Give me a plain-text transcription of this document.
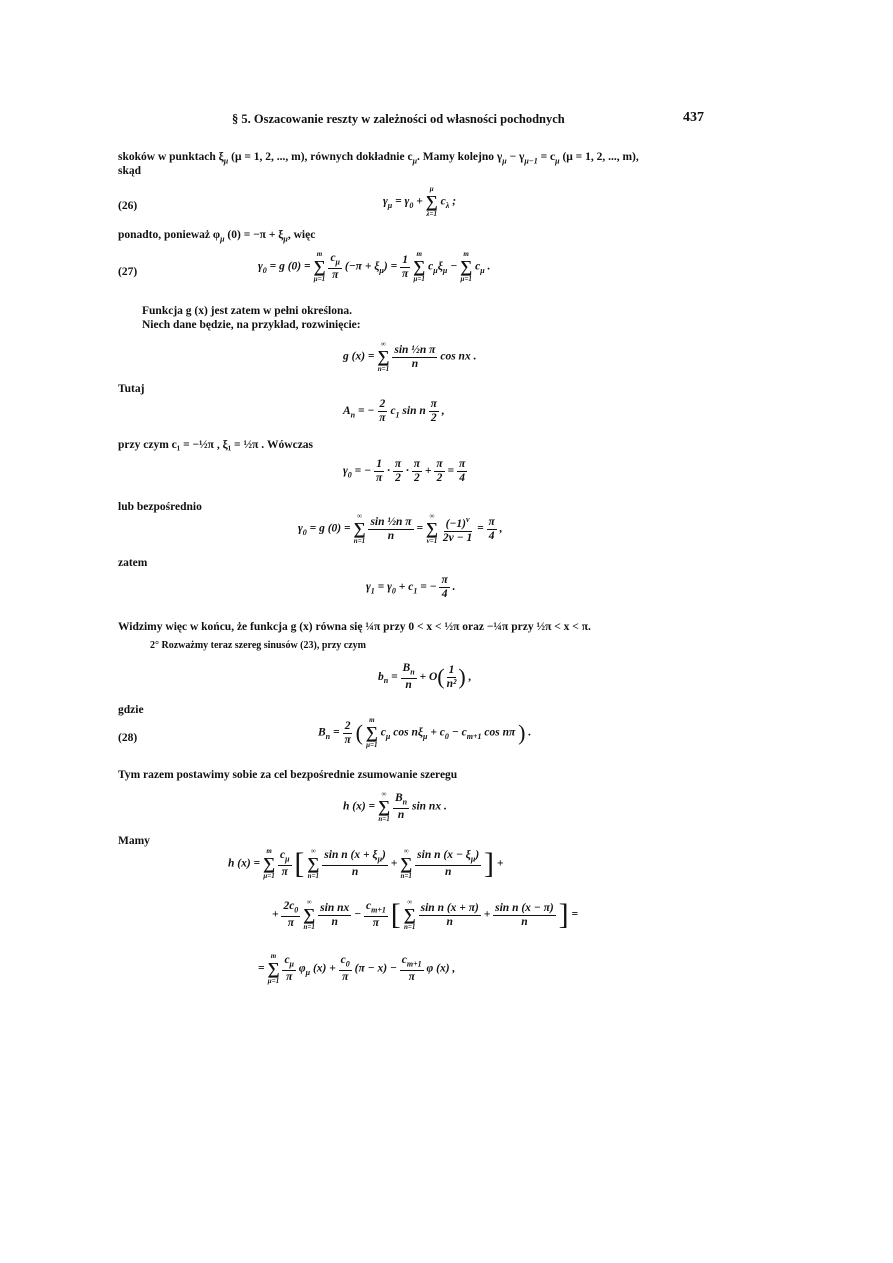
§ 5. Oszacowanie reszty w zależności od własności pochodnych	437
skoków w punktach $\xi_\mu$ (μ = 1, 2, ..., m), równych dokładnie $c_\mu$. Mamy kolejno $\gamma_\mu - \gamma_{\mu-1} = c_\mu$ (μ = 1, 2, ..., m),
skąd
(26)	$\gamma_\mu = \gamma_0$ +
μ
∑
λ=1
$c_\lambda$ ;
ponadto, ponieważ $\varphi_\mu$ $(0) = -\pi + \xi_\mu$, więc
(27)	$\gamma_0 = g$ (0) =
m
∑
μ=1
$\frac{c_\mu}{\pi} (-\pi + \xi_\mu) = \frac{1}{\pi}$
m
∑
μ=1
$c_\mu\xi_\mu$ −
m
∑
μ=1
$c_\mu$ .
Funkcja g (x) jest zatem w pełni określona.
Niech dane będzie, na przykład, rozwinięcie:
g (x) =
∞
∑
n=1
$\frac{\text{sin ½n π}}{n}$ cos nx .
Tutaj
$A_n$ = − $\frac{2}{\pi} c_1$ sin n $\frac{\pi}{2}$ ,
przy czym c₁ = −½π , ξ₁ = ½π . Wówczas
$\gamma_0$ = − $\frac{1}{\pi} \cdot \frac{\pi}{2} \cdot \frac{\pi}{2} + \frac{\pi}{2} = \frac{\pi}{4}$
lub bezpośrednio
$\gamma_0 = g$ (0) =
∞
∑
n=1
$\frac{\text{sin ½n π}}{n}$ =
∞
∑
ν=1
$\frac{(-1)^\nu}{2\nu - 1} = \frac{\pi}{4}$ ,
zatem
$\gamma_1 = \gamma_0 + c_1$ = − $\frac{\pi}{4}$ .
Widzimy więc w końcu, że funkcja g (x) równa się ¼π przy 0 < x < ½π oraz −¼π przy ½π < x < π.
2° Rozważmy teraz szereg sinusów (23), przy czym
$b_n = \frac{B_n}{n} + O( \frac{1}{\text{n²}}$ ) ,
gdzie
(28)	$B_n = \frac{2}{\pi}$ ( m
∑
μ=1
$c_\mu$ $\cos n\xi_\mu + c_0 - c_{m+1}$ cos nπ ) .
Tym razem postawimy sobie za cel bezpośrednie zsumowanie szeregu
h (x) =
∞
∑
n=1
$\frac{B_n}{n}$ sin nx .
Mamy
h (x) =
m
∑
μ=1
$\frac{c_\mu}{\pi}$ [ ∞
∑
n=1
$\frac{\sin n (x + \xi_\mu)}{n}$ +
∞
∑
n=1
$\frac{\sin n (x - \xi_\mu)}{n}$ ] +
+ $\frac{2c_0}{\pi}$
∞
∑
n=1
$\frac{\text{sin nx}}{n} - \frac{c_{m+1}}{\pi}$ [ ∞
∑
n=1
$\frac{\text{sin n (x + π)}}{n} + \frac{\text{sin n (x − π)}}{n}$ ] =
=
m
∑
μ=1
$\frac{c_\mu}{\pi} \varphi_\mu$ $(x) + \frac{c_0}{\pi} (\pi - x) - \frac{c_{m+1}}{\pi}$ φ (x) ,
